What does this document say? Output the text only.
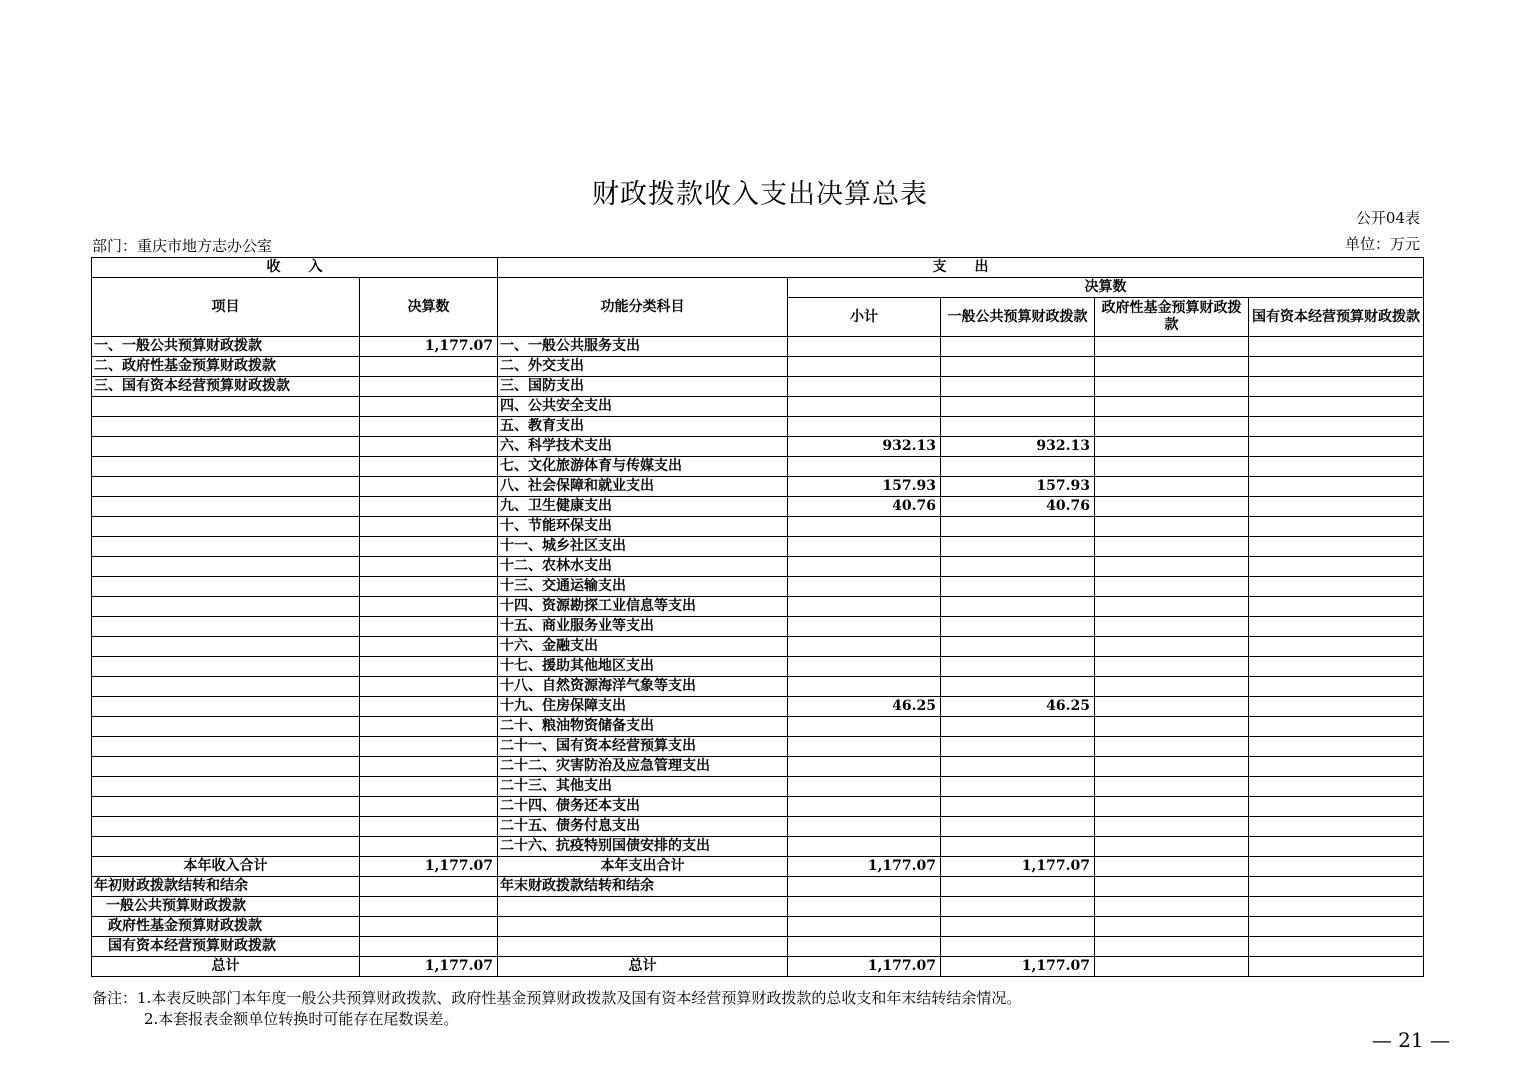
财政拨款收入支出决算总表
公开04表
部门：重庆市地方志办公室	单位：万元
收　　入		支　　出				
项目	决算数	功能分类科目	决算数			
			小计	一般公共预算财政拨款	政府性基金预算财政拨款	国有资本经营预算财政拨款
一、一般公共预算财政拨款	1,177.07	一、一般公共服务支出				
二、政府性基金预算财政拨款		二、外交支出				
三、国有资本经营预算财政拨款		三、国防支出				
		四、公共安全支出				
		五、教育支出				
		六、科学技术支出	932.13	932.13		
		七、文化旅游体育与传媒支出				
		八、社会保障和就业支出	157.93	157.93		
		九、卫生健康支出	40.76	40.76		
		十、节能环保支出				
		十一、城乡社区支出				
		十二、农林水支出				
		十三、交通运输支出				
		十四、资源勘探工业信息等支出				
		十五、商业服务业等支出				
		十六、金融支出				
		十七、援助其他地区支出				
		十八、自然资源海洋气象等支出				
		十九、住房保障支出	46.25	46.25		
		二十、粮油物资储备支出				
		二十一、国有资本经营预算支出				
		二十二、灾害防治及应急管理支出				
		二十三、其他支出				
		二十四、债务还本支出				
		二十五、债务付息支出				
		二十六、抗疫特别国债安排的支出				
本年收入合计	1,177.07	本年支出合计	1,177.07	1,177.07		
年初财政拨款结转和结余		年末财政拨款结转和结余				
一般公共预算财政拨款						
政府性基金预算财政拨款						
国有资本经营预算财政拨款						
总计	1,177.07	总计	1,177.07	1,177.07		
备注：1.本表反映部门本年度一般公共预算财政拨款、政府性基金预算财政拨款及国有资本经营预算财政拨款的总收支和年末结转结余情况。
2.本套报表金额单位转换时可能存在尾数误差。
— 21 —
